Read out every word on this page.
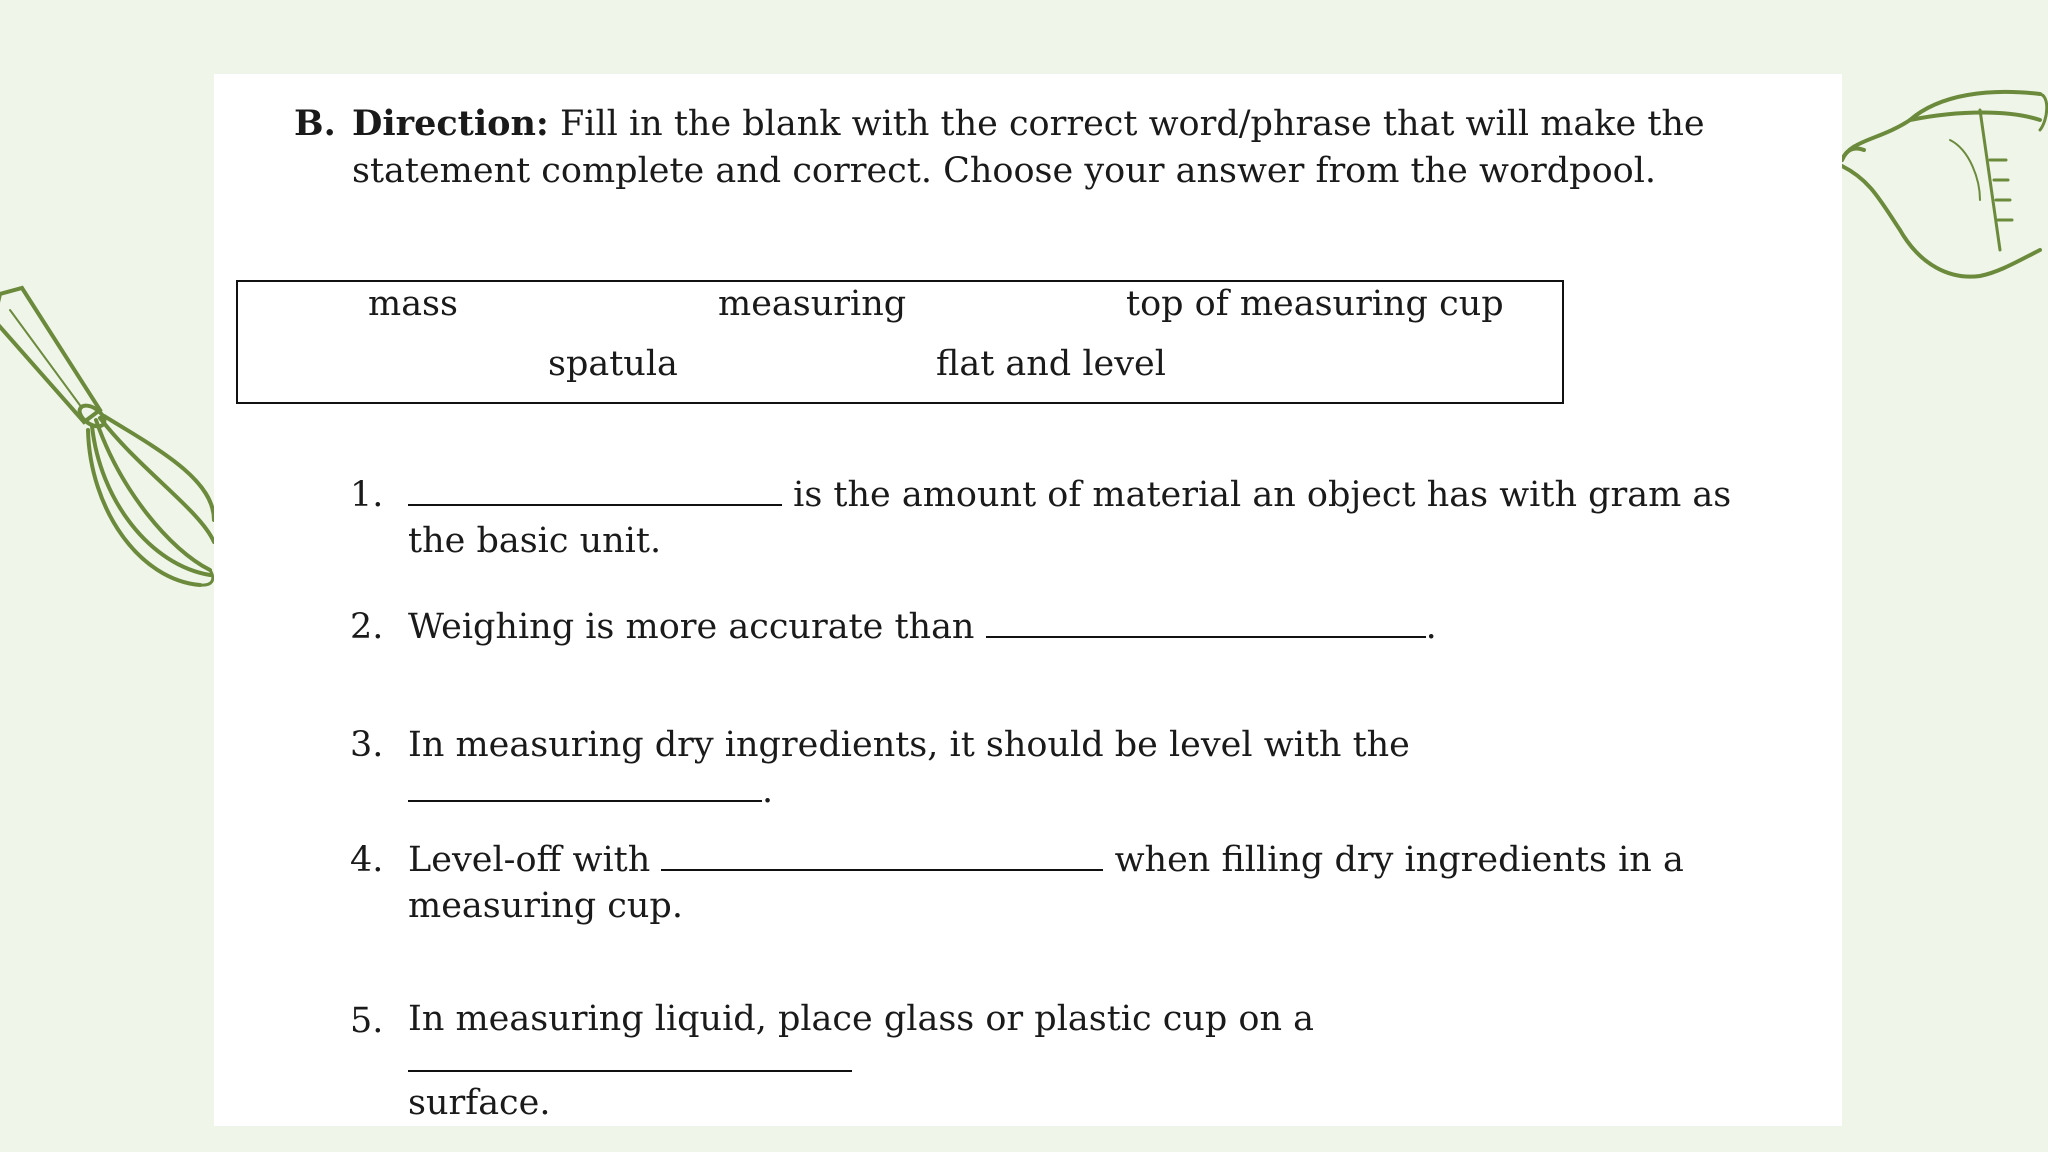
B. Direction: Fill in the blank with the correct word/phrase that will make the
statement complete and correct. Choose your answer from the wordpool.
mass	measuring	top of measuring cup
spatula	flat and level
1.	is the amount of material an object has with gram as
the basic unit.
2. Weighing is more accurate than	.
3. In measuring dry ingredients, it should be level with the .
4. Level-off with	when filling dry ingredients in a
measuring cup.
5. In measuring liquid, place glass or plastic cup on a
surface.
